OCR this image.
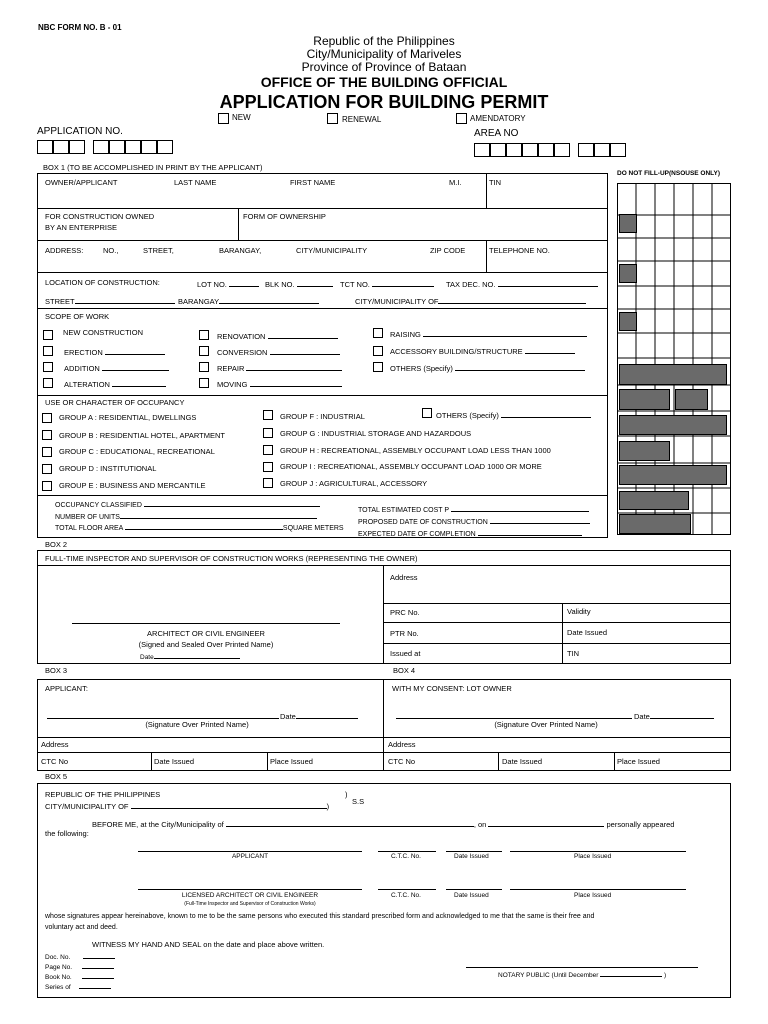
NBC FORM NO. B - 01
Republic of the Philippines
City/Municipality of Mariveles
Province of Province of Bataan
OFFICE OF THE BUILDING OFFICIAL
APPLICATION FOR BUILDING PERMIT
NEW	RENEWAL	AMENDATORY
APPLICATION NO.	AREA NO
BOX 1 (TO BE ACCOMPLISHED IN PRINT BY THE APPLICANT)
OWNER/APPLICANT	LAST NAME	FIRST NAME	M.I.	TIN
FOR CONSTRUCTION OWNED
BY AN ENTERPRISE
FORM OF OWNERSHIP
ADDRESS:	NO.,	STREET,	BARANGAY,	CITY/MUNICIPALITY	ZIP CODE	TELEPHONE NO.
LOCATION OF CONSTRUCTION:	LOT NO.	BLK NO.	TCT NO.	TAX DEC. NO.
STREET	BARANGAY	CITY/MUNICIPALITY OF
SCOPE OF WORK
NEW CONSTRUCTION
ERECTION
ADDITION
ALTERATION
RENOVATION
CONVERSION
REPAIR
MOVING
RAISING
ACCESSORY BUILDING/STRUCTURE
OTHERS (Specify)
USE OR CHARACTER OF OCCUPANCY
GROUP A : RESIDENTIAL, DWELLINGS
GROUP B : RESIDENTIAL HOTEL, APARTMENT
GROUP C : EDUCATIONAL, RECREATIONAL
GROUP D : INSTITUTIONAL
GROUP E : BUSINESS AND MERCANTILE
GROUP F : INDUSTRIAL	OTHERS (Specify)
GROUP G : INDUSTRIAL STORAGE AND HAZARDOUS
GROUP H : RECREATIONAL, ASSEMBLY OCCUPANT LOAD LESS THAN 1000
GROUP I : RECREATIONAL, ASSEMBLY OCCUPANT LOAD 1000 OR MORE
GROUP J : AGRICULTURAL, ACCESSORY
OCCUPANCY CLASSIFIED
NUMBER OF UNITS
TOTAL FLOOR AREA	SQUARE METERS
TOTAL ESTIMATED COST P
PROPOSED DATE OF CONSTRUCTION
EXPECTED DATE OF COMPLETION
DO NOT FILL-UP(NSOUSE ONLY)
BOX 2
FULL-TIME INSPECTOR AND SUPERVISOR OF CONSTRUCTION WORKS (REPRESENTING THE OWNER)
ARCHITECT OR CIVIL ENGINEER
(Signed and Sealed Over Printed Name)
Date
Address
PRC No.	Validity
PTR No.	Date Issued
Issued at	TIN
BOX 3	BOX 4
APPLICANT:
Date
(Signature Over Printed Name)
Address
CTC No	Date Issued	Place Issued
WITH MY CONSENT: LOT OWNER
Date
(Signature Over Printed Name)
Address
CTC No	Date Issued	Place Issued
BOX 5
REPUBLIC OF THE PHILIPPINES	)
CITY/MUNICIPALITY OF	)
S.S
BEFORE ME, at the City/Municipality of	, on	personally appeared
the following:
APPLICANT	C.T.C. No.	Date Issued	Place Issued
LICENSED ARCHITECT OR CIVIL ENGINEER
(Full-Time Inspector and Supervisor of Construction Works)
C.T.C. No.	Date Issued	Place Issued
whose signatures appear hereinabove, known to me to be the same persons who executed this standard prescribed form and acknowledged to me that the same is their free and
voluntary act and deed.
WITNESS MY HAND AND SEAL on the date and place above written.
Doc. No.
Page No.
Book No.
Series of
NOTARY PUBLIC (Until December	)
